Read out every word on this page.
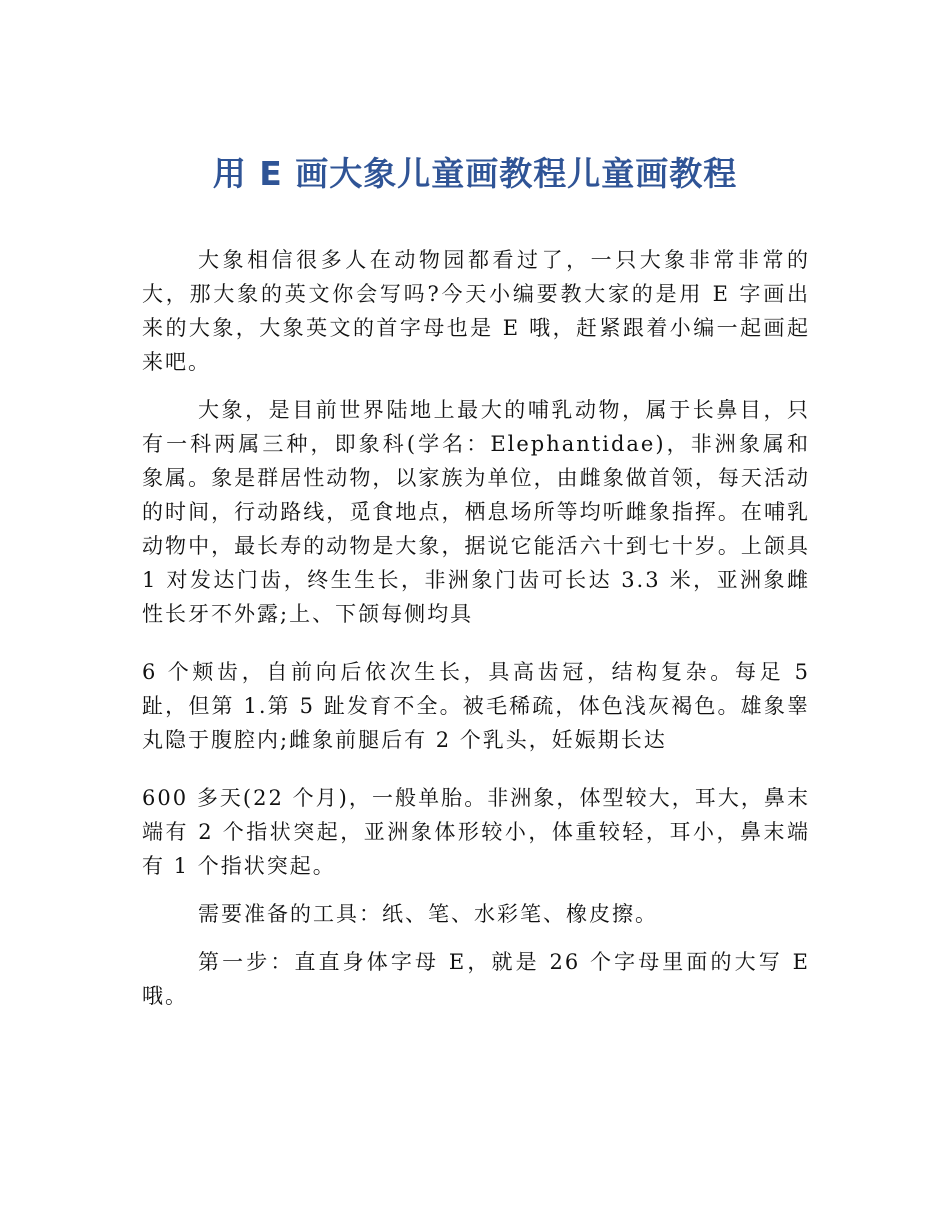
用 E 画大象儿童画教程儿童画教程

大象相信很多人在动物园都看过了，一只大象非常非常的大，那大象的英文你会写吗?今天小编要教大家的是用 E 字画出来的大象，大象英文的首字母也是 E 哦，赶紧跟着小编一起画起来吧。

大象，是目前世界陆地上最大的哺乳动物，属于长鼻目，只有一科两属三种，即象科(学名：Elephantidae)，非洲象属和象属。象是群居性动物，以家族为单位，由雌象做首领，每天活动的时间，行动路线，觅食地点，栖息场所等均听雌象指挥。在哺乳动物中，最长寿的动物是大象，据说它能活六十到七十岁。上颌具 1 对发达门齿，终生生长，非洲象门齿可长达 3.3 米，亚洲象雌性长牙不外露;上、下颌每侧均具

6 个颊齿，自前向后依次生长，具高齿冠，结构复杂。每足 5 趾，但第 1.第 5 趾发育不全。被毛稀疏，体色浅灰褐色。雄象睾丸隐于腹腔内;雌象前腿后有 2 个乳头，妊娠期长达

600 多天(22 个月)，一般单胎。非洲象，体型较大，耳大，鼻末端有 2 个指状突起，亚洲象体形较小，体重较轻，耳小，鼻末端有 1 个指状突起。

需要准备的工具：纸、笔、水彩笔、橡皮擦。

第一步：直直身体字母 E，就是 26 个字母里面的大写 E 哦。
